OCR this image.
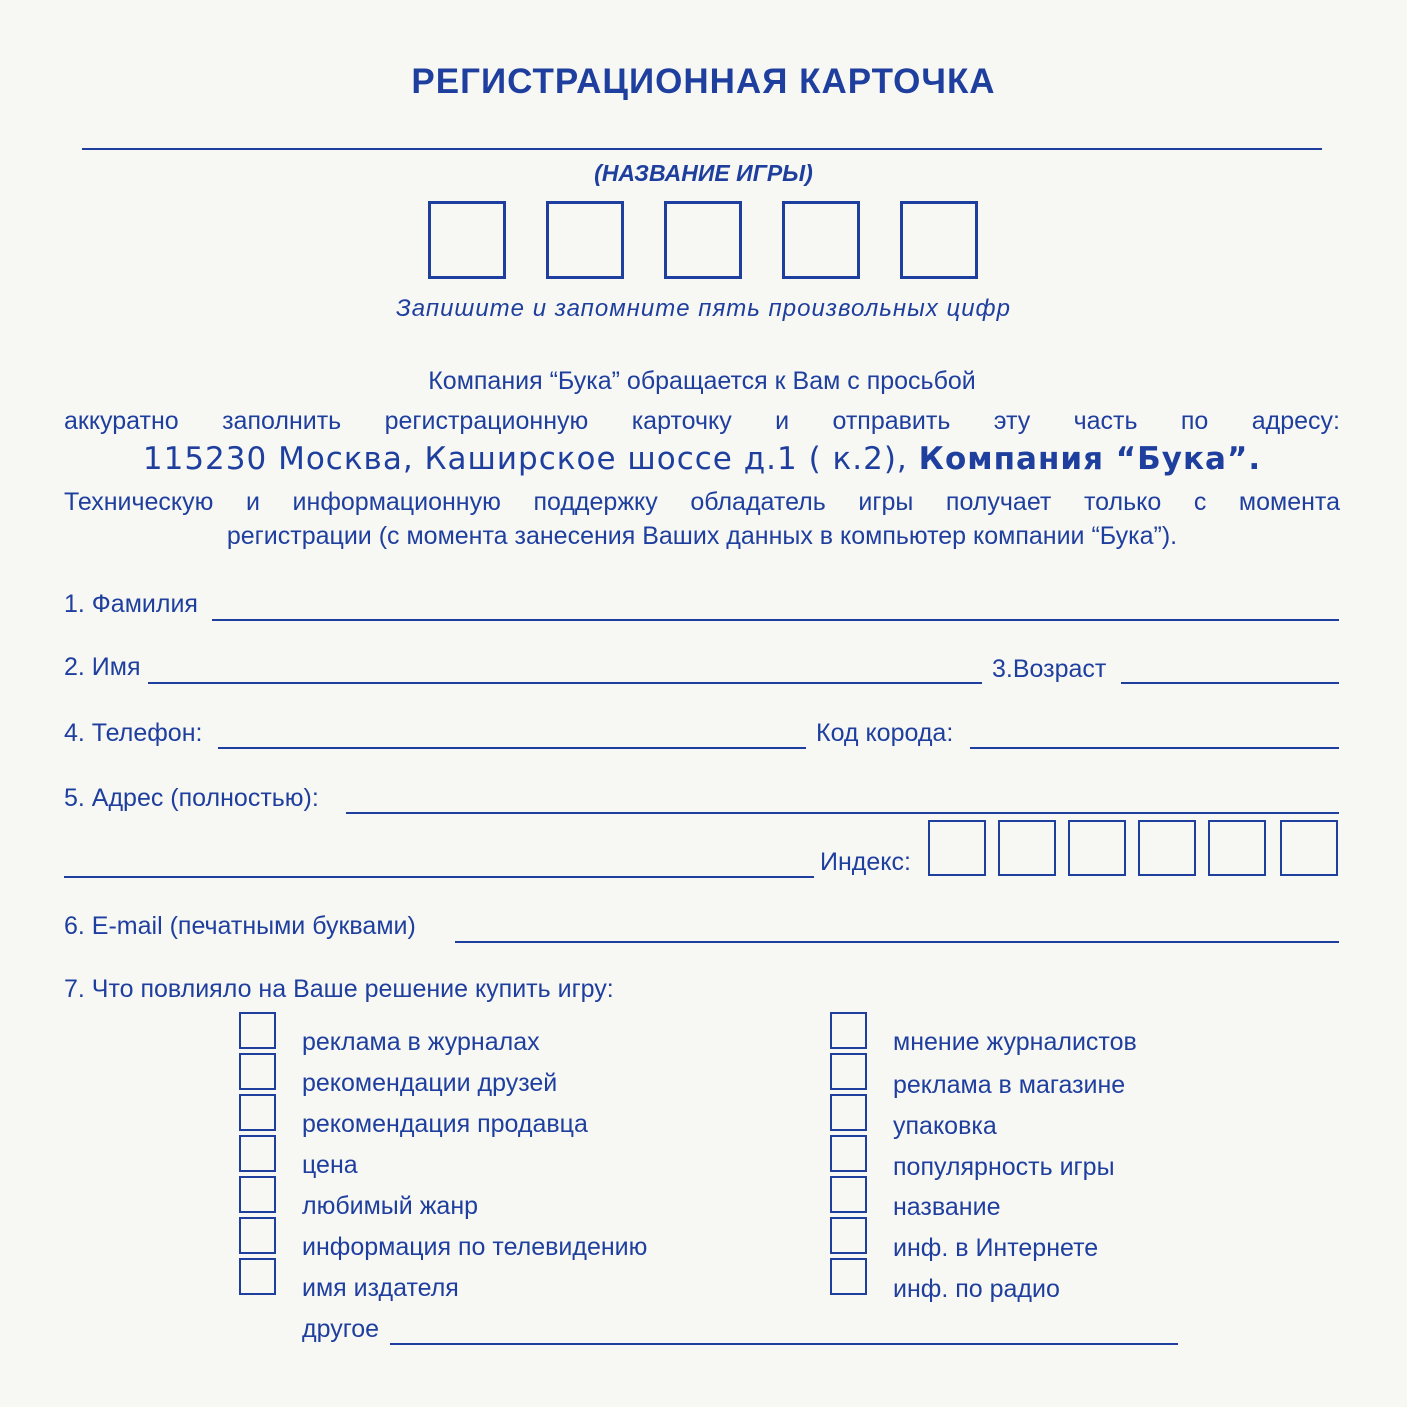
РЕГИСТРАЦИОННАЯ КАРТОЧКА
(НАЗВАНИЕ ИГРЫ)
Запишите и запомните пять произвольных цифр
Компания “Бука” обращается к Вам с просьбой
аккуратно заполнить регистрационную карточку и отправить эту часть по адресу:
115230 Москва, Каширское шоссе д.1 ( к.2), Компания “Бука”.
Техническую и информационную поддержку обладатель игры получает только с момента
регистрации (с момента занесения Ваших данных в компьютер компании “Бука”).
1. Фамилия
2. Имя	3.Возраст
4. Телефон:	Код корода:
5. Адрес (полностью):
Индекс:
6. E-mail (печатными буквами)
7. Что повлияло на Ваше решение купить игру:
реклама в журналах
рекомендации друзей
рекомендация продавца
цена
любимый жанр
информация по телевидению
имя издателя
другое
мнение журналистов
реклама в магазине
упаковка
популярность игры
название
инф. в Интернете
инф. по радио
